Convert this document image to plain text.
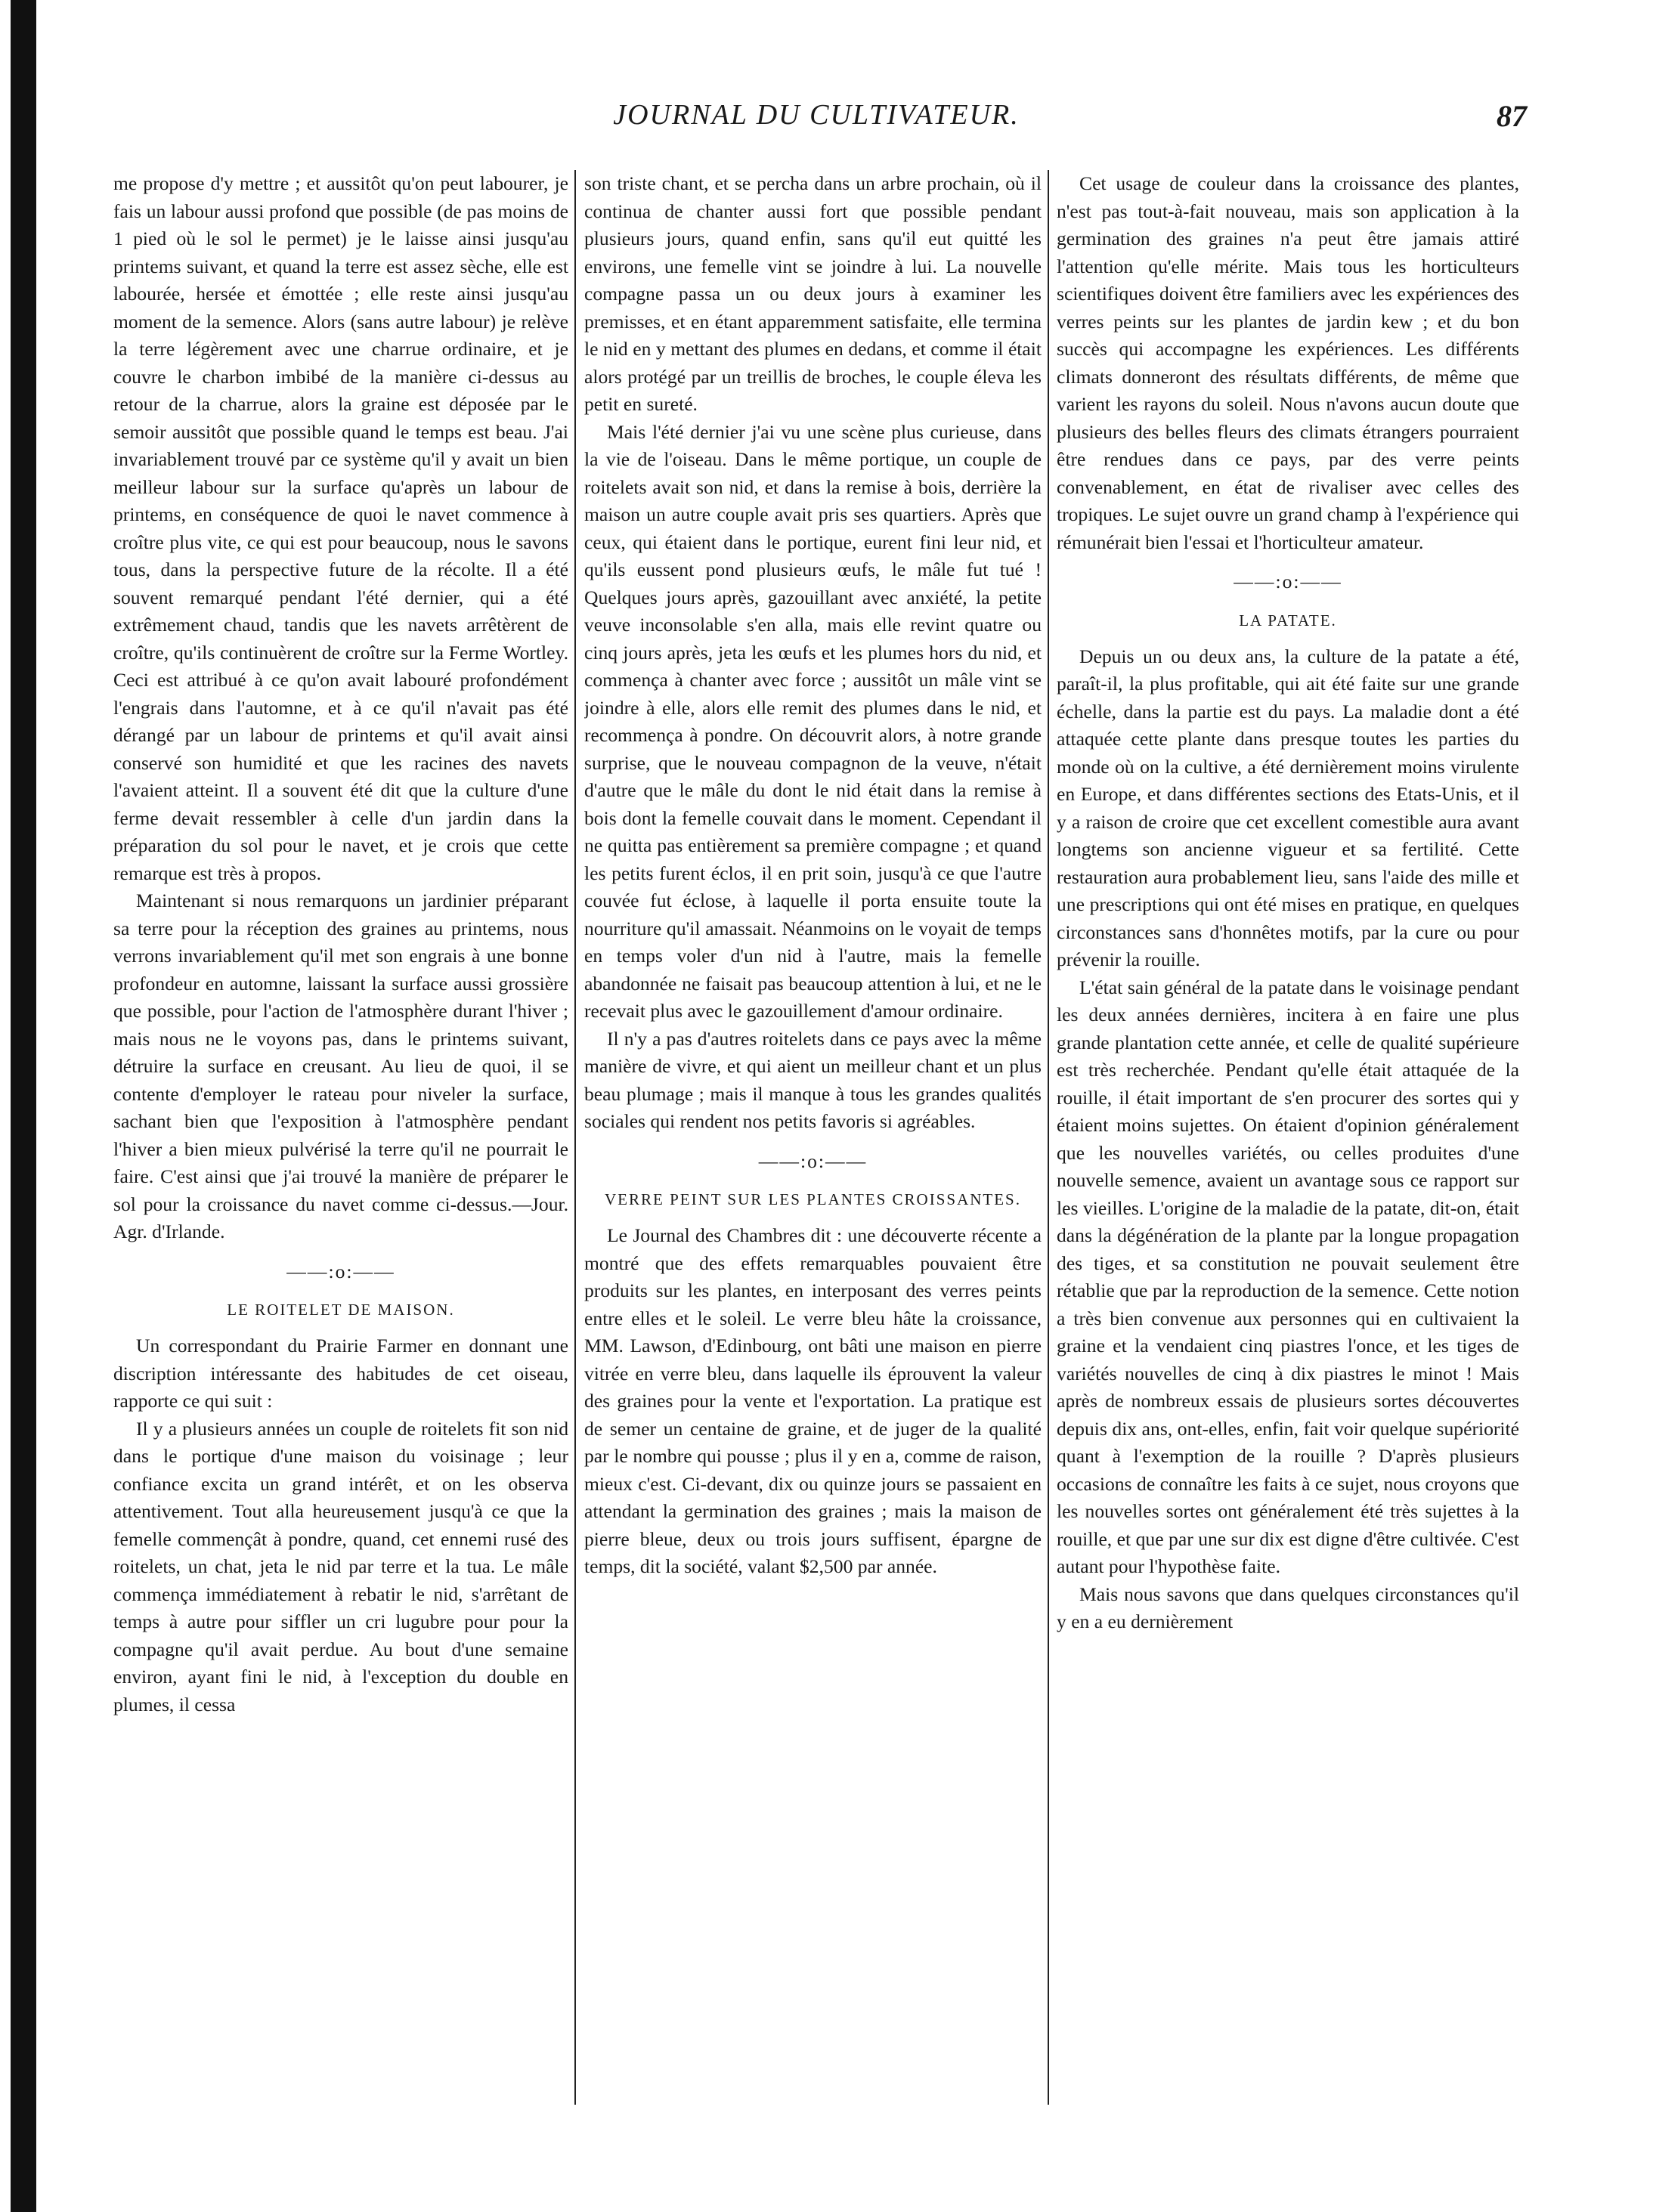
JOURNAL DU CULTIVATEUR.	87

me propose d'y mettre ; et aussitôt qu'on peut labourer, je fais un labour aussi profond que possible (de pas moins de 1 pied où le sol le permet) je le laisse ainsi jusqu'au printems suivant, et quand la terre est assez sèche, elle est labourée, hersée et émottée ; elle reste ainsi jusqu'au moment de la semence. Alors (sans autre labour) je relève la terre légèrement avec une charrue ordinaire, et je couvre le charbon imbibé de la manière ci-dessus au retour de la charrue, alors la graine est déposée par le semoir aussitôt que possible quand le temps est beau. J'ai invariablement trouvé par ce système qu'il y avait un bien meilleur labour sur la surface qu'après un labour de printems, en conséquence de quoi le navet commence à croître plus vite, ce qui est pour beaucoup, nous le savons tous, dans la perspective future de la récolte. Il a été souvent remarqué pendant l'été dernier, qui a été extrêmement chaud, tandis que les navets arrêtèrent de croître, qu'ils continuèrent de croître sur la Ferme Wortley. Ceci est attribué à ce qu'on avait labouré profondément l'engrais dans l'automne, et à ce qu'il n'avait pas été dérangé par un labour de printems et qu'il avait ainsi conservé son humidité et que les racines des navets l'avaient atteint. Il a souvent été dit que la culture d'une ferme devait ressembler à celle d'un jardin dans la préparation du sol pour le navet, et je crois que cette remarque est très à propos.

Maintenant si nous remarquons un jardinier préparant sa terre pour la réception des graines au printems, nous verrons invariablement qu'il met son engrais à une bonne profondeur en automne, laissant la surface aussi grossière que possible, pour l'action de l'atmosphère durant l'hiver ; mais nous ne le voyons pas, dans le printems suivant, détruire la surface en creusant. Au lieu de quoi, il se contente d'employer le rateau pour niveler la surface, sachant bien que l'exposition à l'atmosphère pendant l'hiver a bien mieux pulvérisé la terre qu'il ne pourrait le faire. C'est ainsi que j'ai trouvé la manière de préparer le sol pour la croissance du navet comme ci-dessus.—Jour. Agr. d'Irlande.

——:o:——
LE ROITELET DE MAISON.

Un correspondant du Prairie Farmer en donnant une discription intéressante des habitudes de cet oiseau, rapporte ce qui suit :

Il y a plusieurs années un couple de roitelets fit son nid dans le portique d'une maison du voisinage ; leur confiance excita un grand intérêt, et on les observa attentivement. Tout alla heureusement jusqu'à ce que la femelle commençât à pondre, quand, cet ennemi rusé des roitelets, un chat, jeta le nid par terre et la tua. Le mâle commença immédiatement à rebatir le nid, s'arrêtant de temps à autre pour siffler un cri lugubre pour pour la compagne qu'il avait perdue. Au bout d'une semaine environ, ayant fini le nid, à l'exception du double en plumes, il cessa

son triste chant, et se percha dans un arbre prochain, où il continua de chanter aussi fort que possible pendant plusieurs jours, quand enfin, sans qu'il eut quitté les environs, une femelle vint se joindre à lui. La nouvelle compagne passa un ou deux jours à examiner les premisses, et en étant apparemment satisfaite, elle termina le nid en y mettant des plumes en dedans, et comme il était alors protégé par un treillis de broches, le couple éleva les petit en sureté.

Mais l'été dernier j'ai vu une scène plus curieuse, dans la vie de l'oiseau. Dans le même portique, un couple de roitelets avait son nid, et dans la remise à bois, derrière la maison un autre couple avait pris ses quartiers. Après que ceux, qui étaient dans le portique, eurent fini leur nid, et qu'ils eussent pond plusieurs œufs, le mâle fut tué ! Quelques jours après, gazouillant avec anxiété, la petite veuve inconsolable s'en alla, mais elle revint quatre ou cinq jours après, jeta les œufs et les plumes hors du nid, et commença à chanter avec force ; aussitôt un mâle vint se joindre à elle, alors elle remit des plumes dans le nid, et recommença à pondre. On découvrit alors, à notre grande surprise, que le nouveau compagnon de la veuve, n'était d'autre que le mâle du dont le nid était dans la remise à bois dont la femelle couvait dans le moment. Cependant il ne quitta pas entièrement sa première compagne ; et quand les petits furent éclos, il en prit soin, jusqu'à ce que l'autre couvée fut éclose, à laquelle il porta ensuite toute la nourriture qu'il amassait. Néanmoins on le voyait de temps en temps voler d'un nid à l'autre, mais la femelle abandonnée ne faisait pas beaucoup attention à lui, et ne le recevait plus avec le gazouillement d'amour ordinaire.

Il n'y a pas d'autres roitelets dans ce pays avec la même manière de vivre, et qui aient un meilleur chant et un plus beau plumage ; mais il manque à tous les grandes qualités sociales qui rendent nos petits favoris si agréables.

——:o:——
VERRE PEINT SUR LES PLANTES CROISSANTES.

Le Journal des Chambres dit : une découverte récente a montré que des effets remarquables pouvaient être produits sur les plantes, en interposant des verres peints entre elles et le soleil. Le verre bleu hâte la croissance, MM. Lawson, d'Edinbourg, ont bâti une maison en pierre vitrée en verre bleu, dans laquelle ils éprouvent la valeur des graines pour la vente et l'exportation. La pratique est de semer un centaine de graine, et de juger de la qualité par le nombre qui pousse ; plus il y en a, comme de raison, mieux c'est. Ci-devant, dix ou quinze jours se passaient en attendant la germination des graines ; mais la maison de pierre bleue, deux ou trois jours suffisent, épargne de temps, dit la société, valant $2,500 par année.

Cet usage de couleur dans la croissance des plantes, n'est pas tout-à-fait nouveau, mais son application à la germination des graines n'a peut être jamais attiré l'attention qu'elle mérite. Mais tous les horticulteurs scientifiques doivent être familiers avec les expériences des verres peints sur les plantes de jardin kew ; et du bon succès qui accompagne les expériences. Les différents climats donneront des résultats différents, de même que varient les rayons du soleil. Nous n'avons aucun doute que plusieurs des belles fleurs des climats étrangers pourraient être rendues dans ce pays, par des verre peints convenablement, en état de rivaliser avec celles des tropiques. Le sujet ouvre un grand champ à l'expérience qui rémunérait bien l'essai et l'horticulteur amateur.

——:o:——
LA PATATE.

Depuis un ou deux ans, la culture de la patate a été, paraît-il, la plus profitable, qui ait été faite sur une grande échelle, dans la partie est du pays. La maladie dont a été attaquée cette plante dans presque toutes les parties du monde où on la cultive, a été dernièrement moins virulente en Europe, et dans différentes sections des Etats-Unis, et il y a raison de croire que cet excellent comestible aura avant longtems son ancienne vigueur et sa fertilité. Cette restauration aura probablement lieu, sans l'aide des mille et une prescriptions qui ont été mises en pratique, en quelques circonstances sans d'honnêtes motifs, par la cure ou pour prévenir la rouille.

L'état sain général de la patate dans le voisinage pendant les deux années dernières, incitera à en faire une plus grande plantation cette année, et celle de qualité supérieure est très recherchée. Pendant qu'elle était attaquée de la rouille, il était important de s'en procurer des sortes qui y étaient moins sujettes. On étaient d'opinion généralement que les nouvelles variétés, ou celles produites d'une nouvelle semence, avaient un avantage sous ce rapport sur les vieilles. L'origine de la maladie de la patate, dit-on, était dans la dégénération de la plante par la longue propagation des tiges, et sa constitution ne pouvait seulement être rétablie que par la reproduction de la semence. Cette notion a très bien convenue aux personnes qui en cultivaient la graine et la vendaient cinq piastres l'once, et les tiges de variétés nouvelles de cinq à dix piastres le minot ! Mais après de nombreux essais de plusieurs sortes découvertes depuis dix ans, ont-elles, enfin, fait voir quelque supériorité quant à l'exemption de la rouille ? D'après plusieurs occasions de connaître les faits à ce sujet, nous croyons que les nouvelles sortes ont généralement été très sujettes à la rouille, et que par une sur dix est digne d'être cultivée. C'est autant pour l'hypothèse faite.

Mais nous savons que dans quelques circonstances qu'il y en a eu dernièrement
